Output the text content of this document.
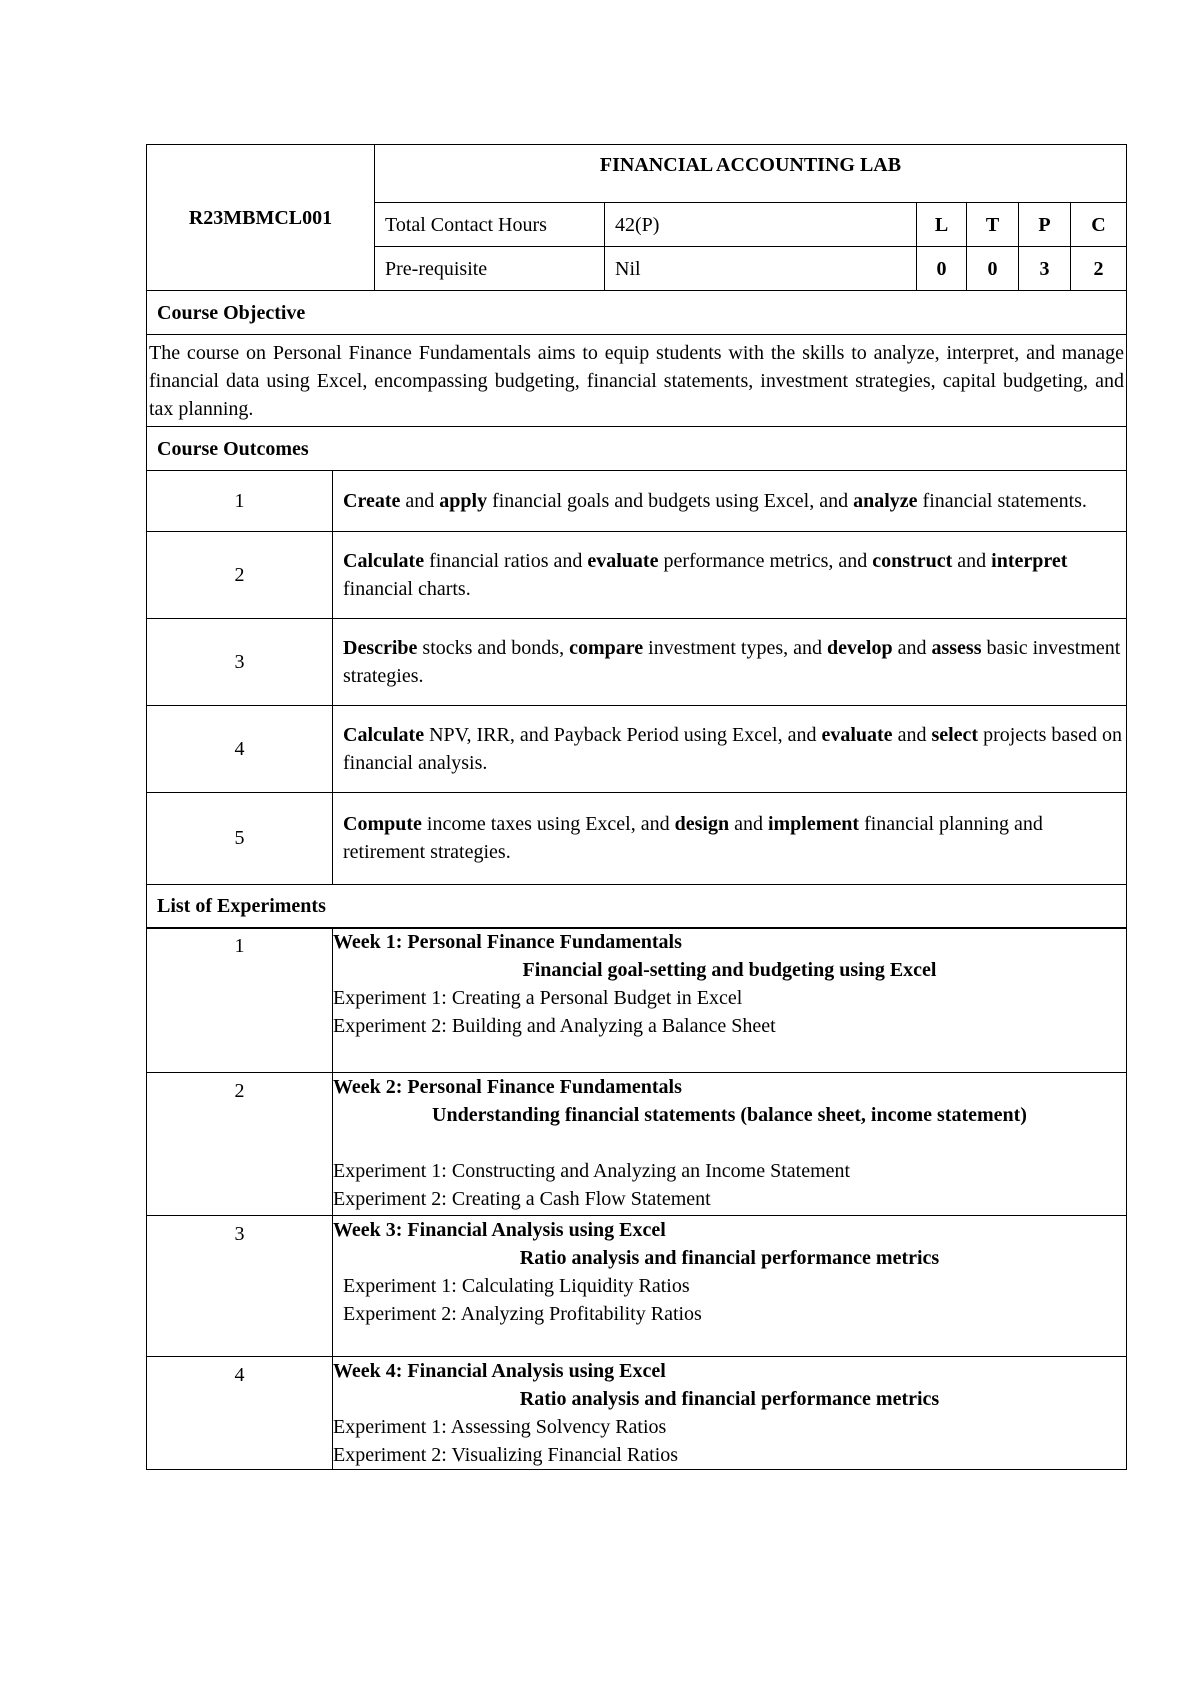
R23MBMCL001	FINANCIAL ACCOUNTING LAB					
	Total Contact Hours	42(P)	L	T	P	C
	Pre-requisite	Nil	0	0	3	2
Course Objective						
The course on Personal Finance Fundamentals aims to equip students with the skills to analyze, interpret, and manage financial data using Excel, encompassing budgeting, financial statements, investment strategies, capital budgeting, and tax planning.						
Course Outcomes						
1	Create and apply financial goals and budgets using Excel, and analyze financial statements.
2	Calculate financial ratios and evaluate performance metrics, and construct and interpret financial charts.
3	Describe stocks and bonds, compare investment types, and develop and assess basic investment strategies.
4	Calculate NPV, IRR, and Payback Period using Excel, and evaluate and select projects based on financial analysis.
5	Compute income taxes using Excel, and design and implement financial planning and retirement strategies.
List of Experiments	
1	Week 1: Personal Finance Fundamentals
Financial goal-setting and budgeting using Excel
Experiment 1: Creating a Personal Budget in Excel
Experiment 2: Building and Analyzing a Balance Sheet

2	Week 2: Personal Finance Fundamentals
Understanding financial statements (balance sheet, income statement)
Experiment 1: Constructing and Analyzing an Income Statement
Experiment 2: Creating a Cash Flow Statement

3	Week 3: Financial Analysis using Excel
Ratio analysis and financial performance metrics
Experiment 1: Calculating Liquidity Ratios
Experiment 2: Analyzing Profitability Ratios

4	Week 4: Financial Analysis using Excel
Ratio analysis and financial performance metrics
Experiment 1: Assessing Solvency Ratios
Experiment 2: Visualizing Financial Ratios
